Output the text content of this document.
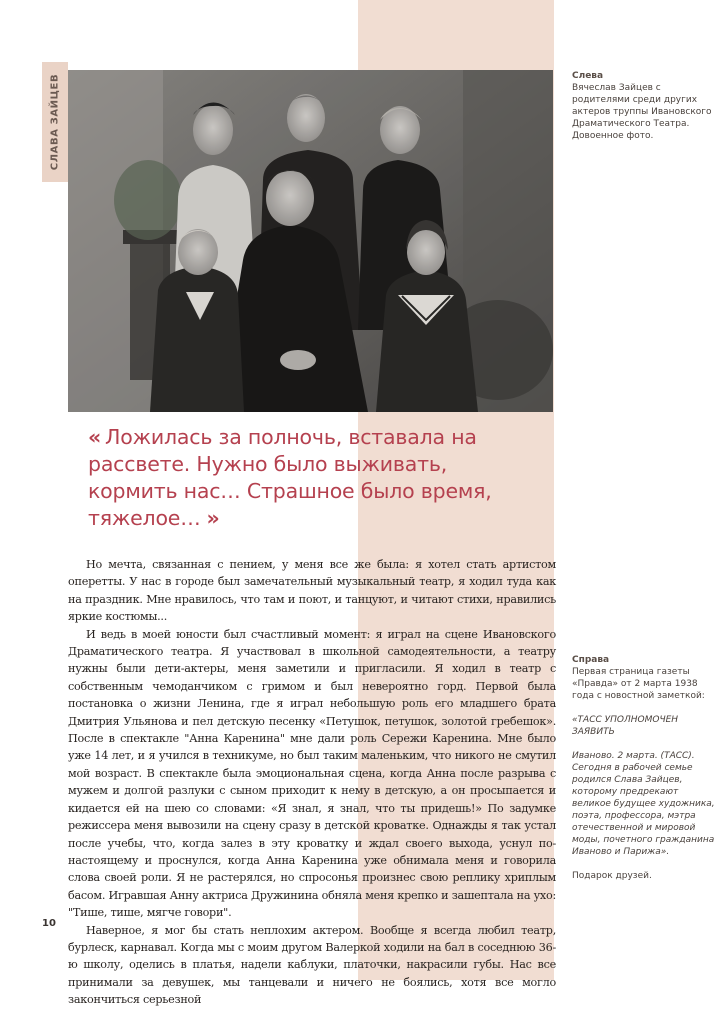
СЛАВА ЗАЙЦЕВ	Слева

Вячеслав Зайцев с родителями среди других актеров труппы Ивановского Драматического Театра. Довоенное фото.

« Ложилась за полночь, вставала на рассвете. Нужно было выживать, кормить нас… Страшное было время, тяжелое… »

Но мечта, связанная с пением, у меня все же была: я хотел стать артистом оперетты. У нас в городе был замечательный музыкальный театр, я ходил туда как на праздник. Мне нравилось, что там и поют, и танцуют, и читают стихи, нравились яркие костюмы...

И ведь в моей юности был счастливый момент: я играл на сцене Ивановского Драматического театра. Я участвовал в школьной самодеятельности, а театру нужны были дети-актеры, меня заметили и пригласили. Я ходил в театр с собственным чемоданчиком с гримом и был невероятно горд. Первой была постановка о жизни Ленина, где я играл небольшую роль его младшего брата Дмитрия Ульянова и пел детскую песенку «Петушок, петушок, золотой гребешок». После в спектакле "Анна Каренина" мне дали роль Сережи Каренина. Мне было уже 14 лет, и я учился в техникуме, но был таким маленьким, что никого не смутил мой возраст. В спектакле была эмоциональная сцена, когда Анна после разрыва с мужем и долгой разлуки с сыном приходит к нему в детскую, а он просыпается и кидается ей на шею со словами: «Я знал, я знал, что ты придешь!» По задумке режиссера меня вывозили на сцену сразу в детской кроватке. Однажды я так устал после учебы, что, когда залез в эту кроватку и ждал своего выхода, уснул по-настоящему и проснулся, когда Анна Каренина уже обнимала меня и говорила слова своей роли. Я не растерялся, но спросонья произнес свою реплику хриплым басом. Игравшая Анну актриса Дружинина обняла меня крепко и зашептала на ухо: "Тише, тише, мягче говори".

Наверное, я мог бы стать неплохим актером. Вообще я всегда любил театр, бурлеск, карнавал. Когда мы с моим другом Валеркой ходили на бал в соседнюю 36-ю школу, оделись в платья, надели каблуки, платочки, накрасили губы. Нас все принимали за девушек, мы танцевали и ничего не боялись, хотя все могло закончиться серьезной

Справа

Первая страница газеты «Правда» от 2 марта 1938 года с новостной заметкой:

«ТАСС УПОЛНОМОЧЕН ЗАЯВИТЬ

Иваново. 2 марта. (ТАСС). Сегодня в рабочей семье родился Слава Зайцев, которому предрекают великое будущее художника, поэта, профессора, мэтра отечественной и мировой моды, почетного гражданина Иваново и Парижа».

Подарок друзей.

10
